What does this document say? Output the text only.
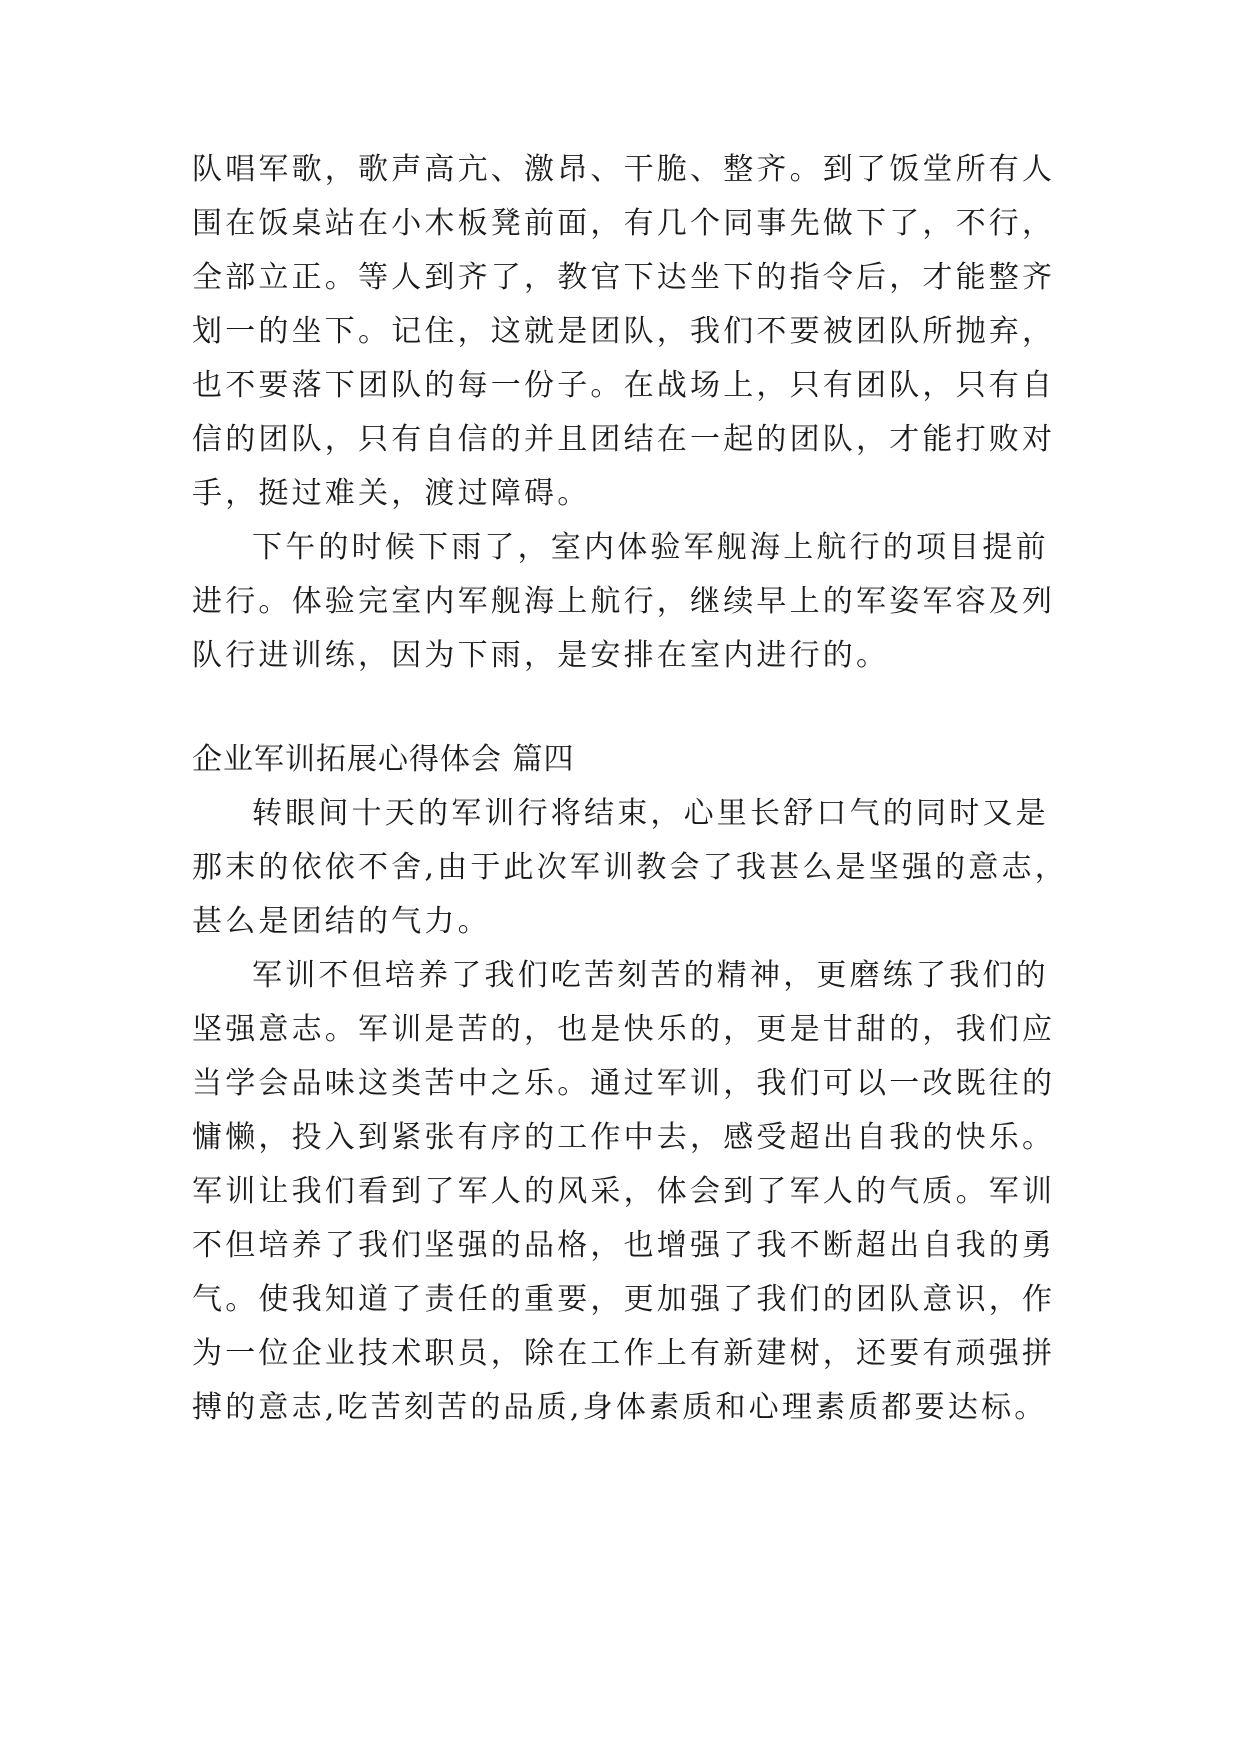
队唱军歌，歌声高亢、激昂、干脆、整齐。到了饭堂所有人
围在饭桌站在小木板凳前面，有几个同事先做下了，不行，
全部立正。等人到齐了，教官下达坐下的指令后，才能整齐
划一的坐下。记住，这就是团队，我们不要被团队所抛弃，
也不要落下团队的每一份子。在战场上，只有团队，只有自
信的团队，只有自信的并且团结在一起的团队，才能打败对
手，挺过难关，渡过障碍。
下午的时候下雨了，室内体验军舰海上航行的项目提前
进行。体验完室内军舰海上航行，继续早上的军姿军容及列
队行进训练，因为下雨，是安排在室内进行的。
企业军训拓展心得体会 篇四
转眼间十天的军训行将结束，心里长舒口气的同时又是
那末的依依不舍,由于此次军训教会了我甚么是坚强的意志，
甚么是团结的气力。
军训不但培养了我们吃苦刻苦的精神，更磨练了我们的
坚强意志。军训是苦的，也是快乐的，更是甘甜的，我们应
当学会品味这类苦中之乐。通过军训，我们可以一改既往的
慵懒，投入到紧张有序的工作中去，感受超出自我的快乐。
军训让我们看到了军人的风采，体会到了军人的气质。军训
不但培养了我们坚强的品格，也增强了我不断超出自我的勇
气。使我知道了责任的重要，更加强了我们的团队意识，作
为一位企业技术职员，除在工作上有新建树，还要有顽强拼
搏的意志,吃苦刻苦的品质,身体素质和心理素质都要达标。
